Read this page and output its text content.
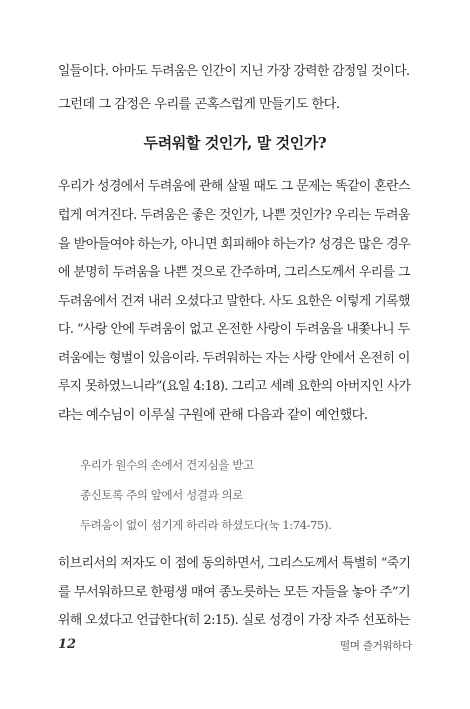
일들이다. 아마도 두려움은 인간이 지닌 가장 강력한 감정일 것이다.
그런데 그 감정은 우리를 곤혹스럽게 만들기도 한다.
두려워할 것인가, 말 것인가?
우리가 성경에서 두려움에 관해 살필 때도 그 문제는 똑같이 혼란스
럽게 여겨진다. 두려움은 좋은 것인가, 나쁜 것인가? 우리는 두려움
을 받아들여야 하는가, 아니면 회피해야 하는가? 성경은 많은 경우
에 분명히 두려움을 나쁜 것으로 간주하며, 그리스도께서 우리를 그
두려움에서 건져 내러 오셨다고 말한다. 사도 요한은 이렇게 기록했
다. “사랑 안에 두려움이 없고 온전한 사랑이 두려움을 내쫓나니 두
려움에는 형벌이 있음이라. 두려워하는 자는 사랑 안에서 온전히 이
루지 못하였느니라”(요일 4:18). 그리고 세례 요한의 아버지인 사가
랴는 예수님이 이루실 구원에 관해 다음과 같이 예언했다.
우리가 원수의 손에서 건지심을 받고
종신토록 주의 앞에서 성결과 의로
두려움이 없이 섬기게 하리라 하셨도다(눅 1:74-75).
히브리서의 저자도 이 점에 동의하면서, 그리스도께서 특별히 “죽기
를 무서워하므로 한평생 매여 종노릇하는 모든 자들을 놓아 주”기
위해 오셨다고 언급한다(히 2:15). 실로 성경이 가장 자주 선포하는
12	떨며 즐거워하다
